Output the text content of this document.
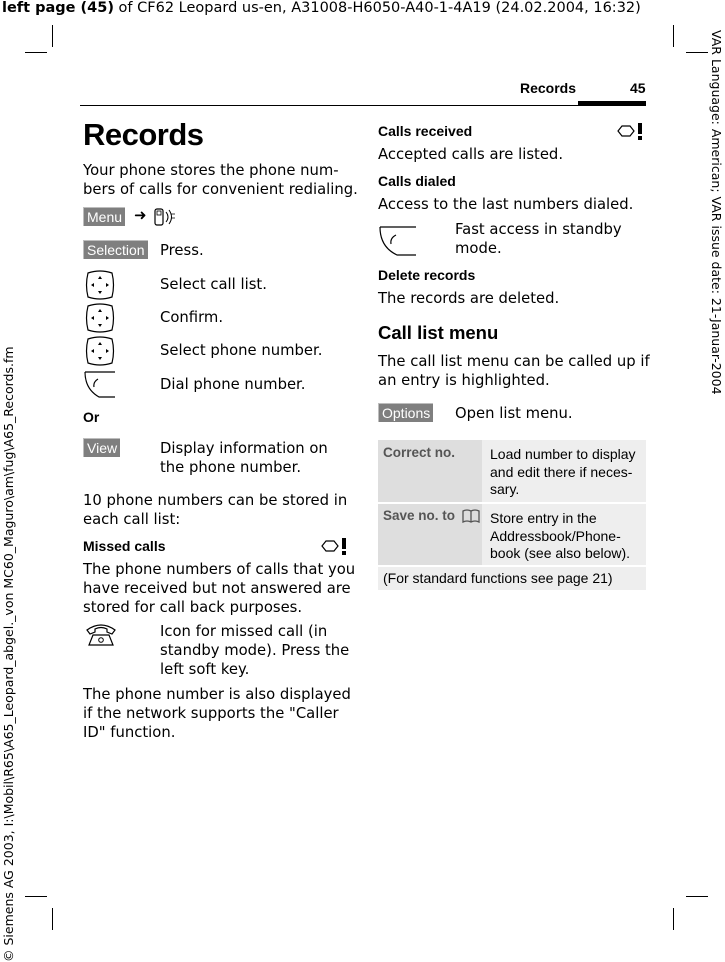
left page (45) of CF62 Leopard us-en, A31008-H6050-A40-1-4A19 (24.02.2004, 16:32)
© Siemens AG 2003, I:\Mobil\R65\A65_Leopard_abgel._von MC60_Maguro\am\fug\A65_Records.fm
VAR Language: American; VAR issue date: 21-Januar-2004
Records	45
Records
Your phone stores the phone num-
bers of calls for convenient redialing.
Menu ➜
Selection Press.
Select call list.
Confirm.
Select phone number.
Dial phone number.
Or
View	Display information on
the phone number.
10 phone numbers can be stored in
each call list:
Missed calls
The phone numbers of calls that you
have received but not answered are
stored for call back purposes.
Icon for missed call (in
standby mode). Press the
left soft key.
The phone number is also displayed
if the network supports the "Caller
ID" function.
Calls received
Accepted calls are listed.
Calls dialed
Access to the last numbers dialed.
Fast access in standby
mode.
Delete records
The records are deleted.
Call list menu
The call list menu can be called up if
an entry is highlighted.
Options Open list menu.
Correct no. Load number to display
and edit there if neces-
sary.
Save no. to	Store entry in the
Addressbook/Phone-
book (see also below).
(For standard functions see page 21)
